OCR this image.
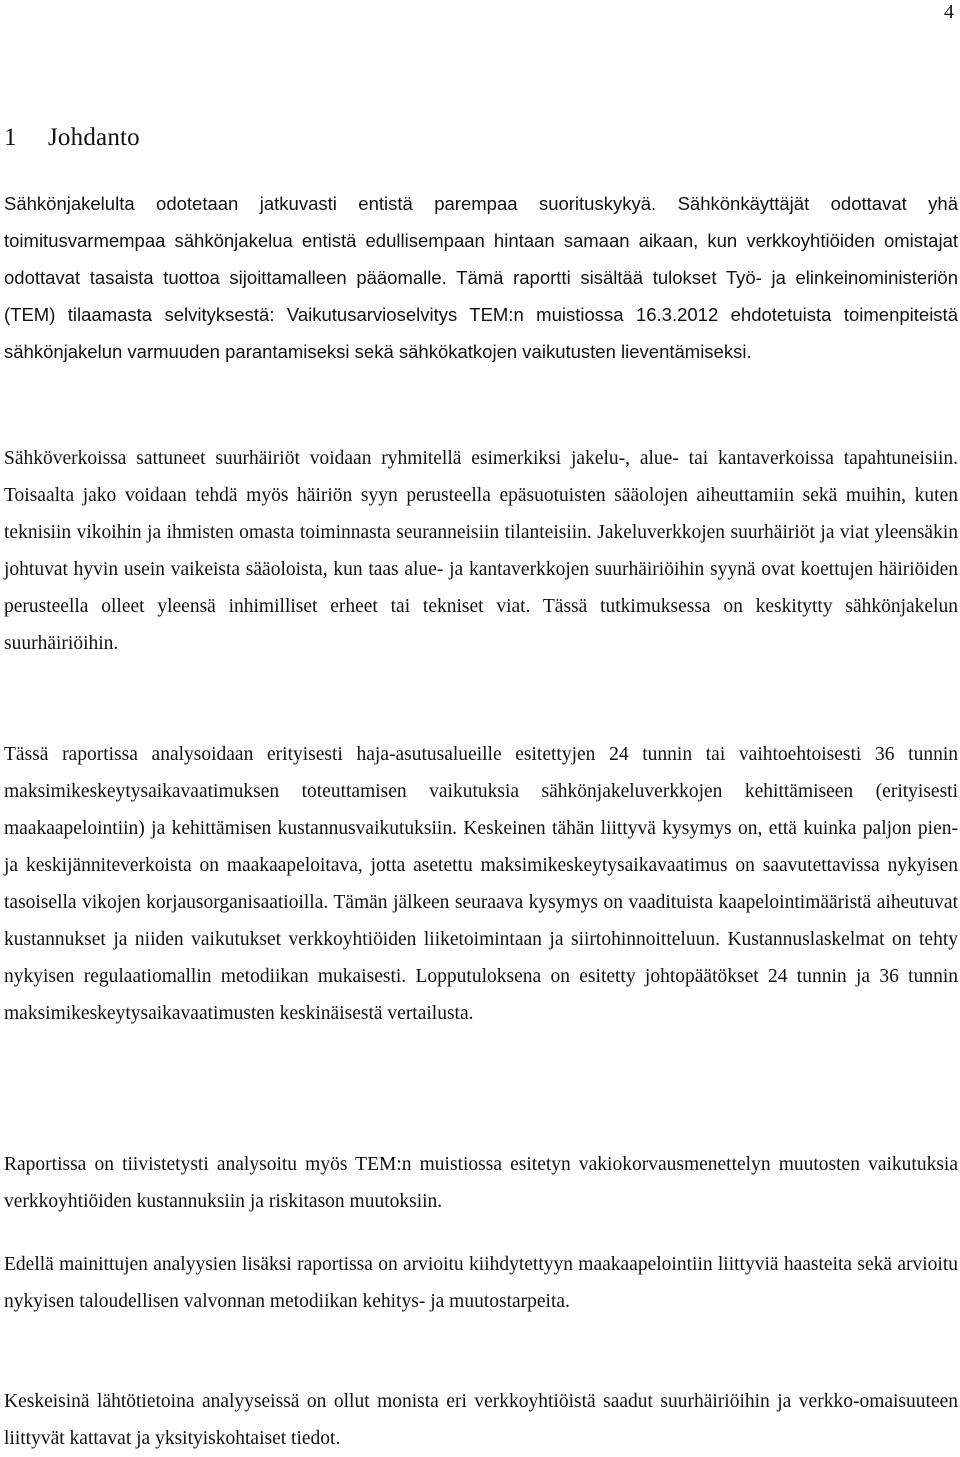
4
1 Johdanto

Sähkönjakelulta odotetaan jatkuvasti entistä parempaa suorituskykyä. Sähkönkäyttäjät odottavat yhä toimitusvarmempaa sähkönjakelua entistä edullisempaan hintaan samaan aikaan, kun verkkoyhtiöiden omistajat odottavat tasaista tuottoa sijoittamalleen pääomalle. Tämä raportti sisältää tulokset Työ- ja elinkeinoministeriön (TEM) tilaamasta selvityksestä: Vaikutusarvioselvitys TEM:n muistiossa 16.3.2012 ehdotetuista toimenpiteistä sähkönjakelun varmuuden parantamiseksi sekä sähkökatkojen vaikutusten lieventämiseksi.

Sähköverkoissa sattuneet suurhäiriöt voidaan ryhmitellä esimerkiksi jakelu-, alue- tai kantaverkoissa tapahtuneisiin. Toisaalta jako voidaan tehdä myös häiriön syyn perusteella epäsuotuisten sääolojen aiheuttamiin sekä muihin, kuten teknisiin vikoihin ja ihmisten omasta toiminnasta seuranneisiin tilanteisiin. Jakeluverkkojen suurhäiriöt ja viat yleensäkin johtuvat hyvin usein vaikeista sääoloista, kun taas alue- ja kantaverkkojen suurhäiriöihin syynä ovat koettujen häiriöiden perusteella olleet yleensä inhimilliset erheet tai tekniset viat. Tässä tutkimuksessa on keskitytty sähkönjakelun suurhäiriöihin.

Tässä raportissa analysoidaan erityisesti haja-asutusalueille esitettyjen 24 tunnin tai vaihtoehtoisesti 36 tunnin maksimikeskeytysaikavaatimuksen toteuttamisen vaikutuksia sähkönjakeluverkkojen kehittämiseen (erityisesti maakaapelointiin) ja kehittämisen kustannusvaikutuksiin. Keskeinen tähän liittyvä kysymys on, että kuinka paljon pien- ja keskijänniteverkoista on maakaapeloitava, jotta asetettu maksimikeskeytysaikavaatimus on saavutettavissa nykyisen tasoisella vikojen korjausorganisaatioilla. Tämän jälkeen seuraava kysymys on vaadituista kaapelointimääristä aiheutuvat kustannukset ja niiden vaikutukset verkkoyhtiöiden liiketoimintaan ja siirtohinnoitteluun. Kustannuslaskelmat on tehty nykyisen regulaatiomallin metodiikan mukaisesti. Lopputuloksena on esitetty johtopäätökset 24 tunnin ja 36 tunnin maksimikeskeytysaikavaatimusten keskinäisestä vertailusta.

Raportissa on tiivistetysti analysoitu myös TEM:n muistiossa esitetyn vakiokorvausmenettelyn muutosten vaikutuksia verkkoyhtiöiden kustannuksiin ja riskitason muutoksiin.

Edellä mainittujen analyysien lisäksi raportissa on arvioitu kiihdytettyyn maakaapelointiin liittyviä haasteita sekä arvioitu nykyisen taloudellisen valvonnan metodiikan kehitys- ja muutostarpeita.

Keskeisinä lähtötietoina analyyseissä on ollut monista eri verkkoyhtiöistä saadut suurhäiriöihin ja verkko-omaisuuteen liittyvät kattavat ja yksityiskohtaiset tiedot.
